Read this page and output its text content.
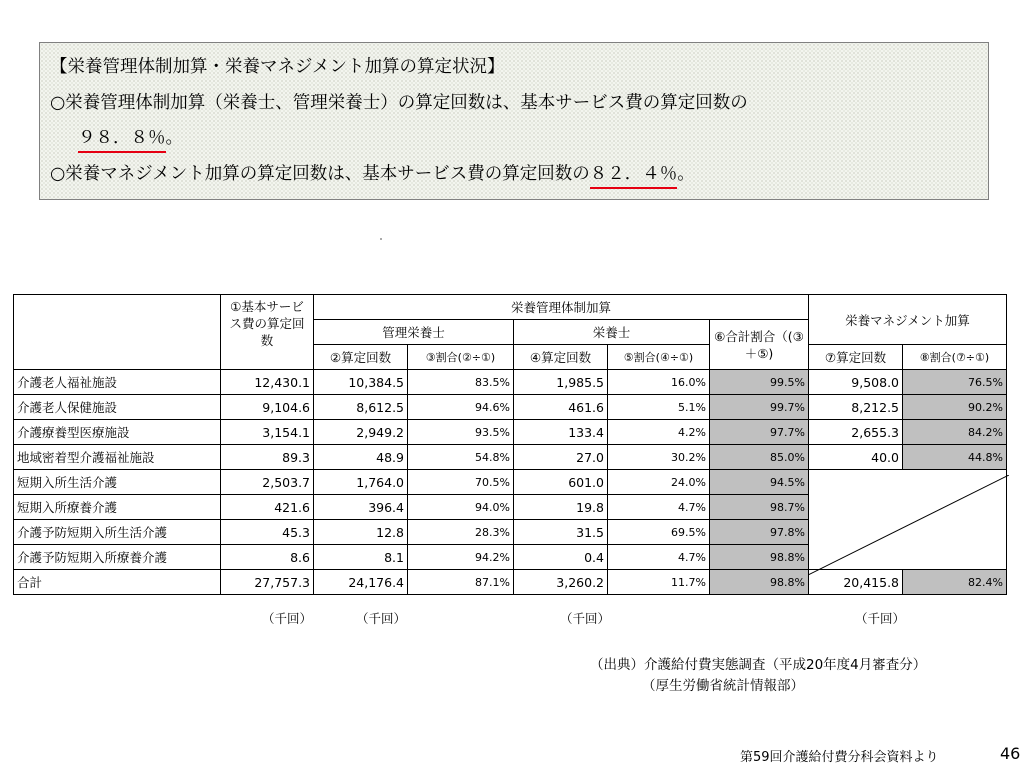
【栄養管理体制加算・栄養マネジメント加算の算定状況】
○栄養管理体制加算（栄養士、管理栄養士）の算定回数は、基本サービス費の算定回数の
９８．８％。
○栄養マネジメント加算の算定回数は、基本サービス費の算定回数の８２．４％。
	①基本サービス費の算定回数	栄養管理体制加算					栄養マネジメント加算	
		管理栄養士		栄養士		⑥合計割合（(③＋⑤)		
		②算定回数	③割合(②÷①)	④算定回数	⑤割合(④÷①)		⑦算定回数	⑧割合(⑦÷①)
介護老人福祉施設	12,430.1	10,384.5	83.5%	1,985.5	16.0%	99.5%	9,508.0	76.5%
介護老人保健施設	9,104.6	8,612.5	94.6%	461.6	5.1%	99.7%	8,212.5	90.2%
介護療養型医療施設	3,154.1	2,949.2	93.5%	133.4	4.2%	97.7%	2,655.3	84.2%
地域密着型介護福祉施設	89.3	48.9	54.8%	27.0	30.2%	85.0%	40.0	44.8%
短期入所生活介護	2,503.7	1,764.0	70.5%	601.0	24.0%	94.5%		
短期入所療養介護	421.6	396.4	94.0%	19.8	4.7%	98.7%		
介護予防短期入所生活介護	45.3	12.8	28.3%	31.5	69.5%	97.8%		
介護予防短期入所療養介護	8.6	8.1	94.2%	0.4	4.7%	98.8%		
合計	27,757.3	24,176.4	87.1%	3,260.2	11.7%	98.8%	20,415.8	82.4%
（千回）	（千回）	（千回）	（千回）
（出典）介護給付費実態調査（平成20年度4月審査分）
（厚生労働省統計情報部）
第59回介護給付費分科会資料より	46
